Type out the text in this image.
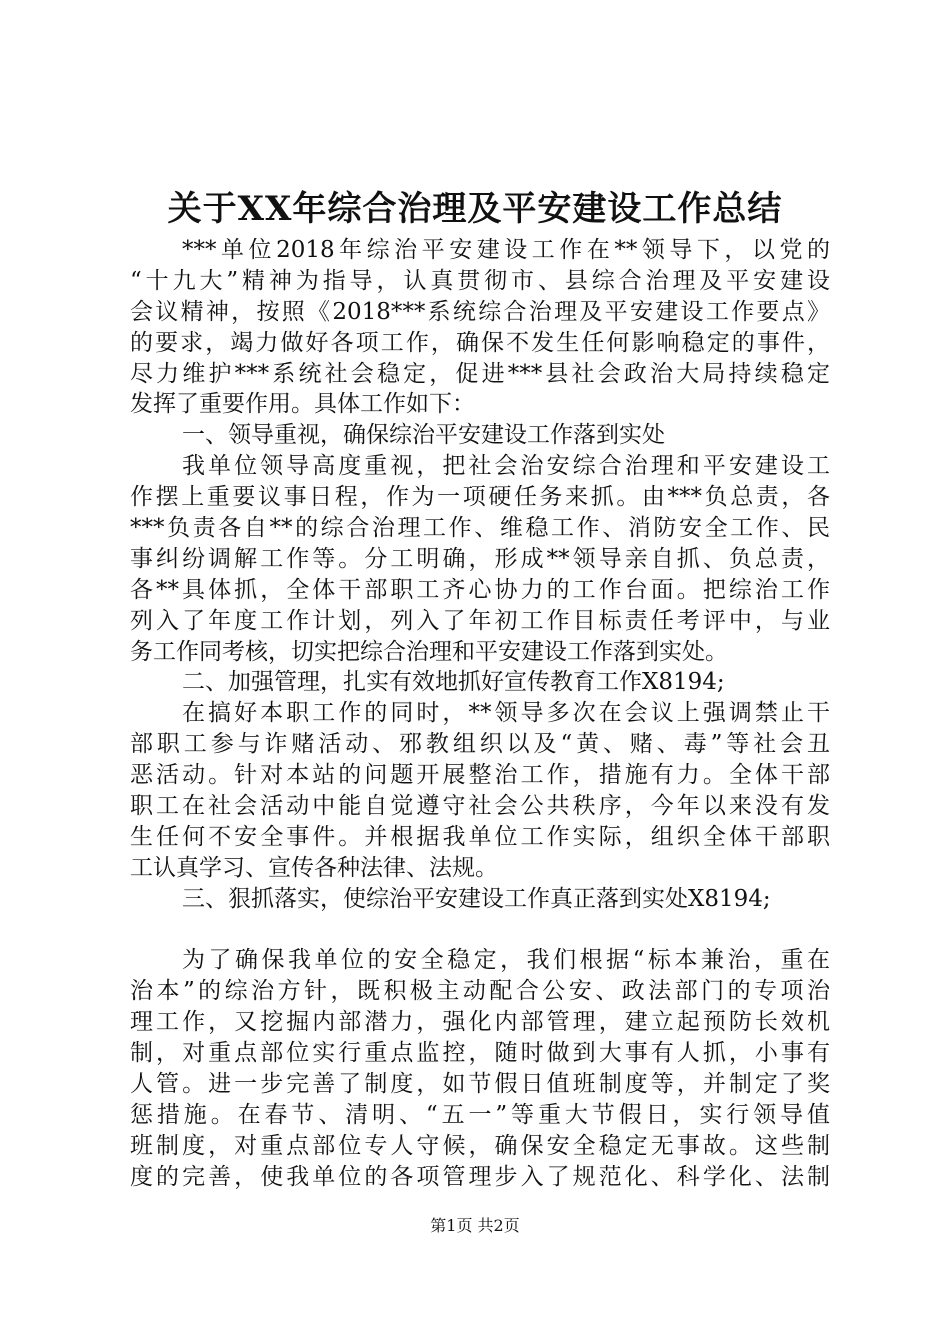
关于XX年综合治理及平安建设工作总结
***单位2018年综治平安建设工作在**领导下，以党的
“十九大”精神为指导，认真贯彻市、县综合治理及平安建设
会议精神，按照《2018***系统综合治理及平安建设工作要点》
的要求，竭力做好各项工作，确保不发生任何影响稳定的事件，
尽力维护***系统社会稳定，促进***县社会政治大局持续稳定
发挥了重要作用。具体工作如下：
一、领导重视，确保综治平安建设工作落到实处
我单位领导高度重视，把社会治安综合治理和平安建设工
作摆上重要议事日程，作为一项硬任务来抓。由***负总责，各
***负责各自**的综合治理工作、维稳工作、消防安全工作、民
事纠纷调解工作等。分工明确，形成**领导亲自抓、负总责，
各**具体抓，全体干部职工齐心协力的工作台面。把综治工作
列入了年度工作计划，列入了年初工作目标责任考评中，与业
务工作同考核，切实把综合治理和平安建设工作落到实处。
二、加强管理，扎实有效地抓好宣传教育工作X8194;
在搞好本职工作的同时，**领导多次在会议上强调禁止干
部职工参与诈赌活动、邪教组织以及“黄、赌、毒”等社会丑
恶活动。针对本站的问题开展整治工作，措施有力。全体干部
职工在社会活动中能自觉遵守社会公共秩序，今年以来没有发
生任何不安全事件。并根据我单位工作实际，组织全体干部职
工认真学习、宣传各种法律、法规。
三、狠抓落实，使综治平安建设工作真正落到实处X8194;
为了确保我单位的安全稳定，我们根据“标本兼治，重在
治本”的综治方针，既积极主动配合公安、政法部门的专项治
理工作，又挖掘内部潜力，强化内部管理，建立起预防长效机
制，对重点部位实行重点监控，随时做到大事有人抓，小事有
人管。进一步完善了制度，如节假日值班制度等，并制定了奖
惩措施。在春节、清明、“五一”等重大节假日，实行领导值
班制度，对重点部位专人守候，确保安全稳定无事故。这些制
度的完善，使我单位的各项管理步入了规范化、科学化、法制
第1页 共2页
